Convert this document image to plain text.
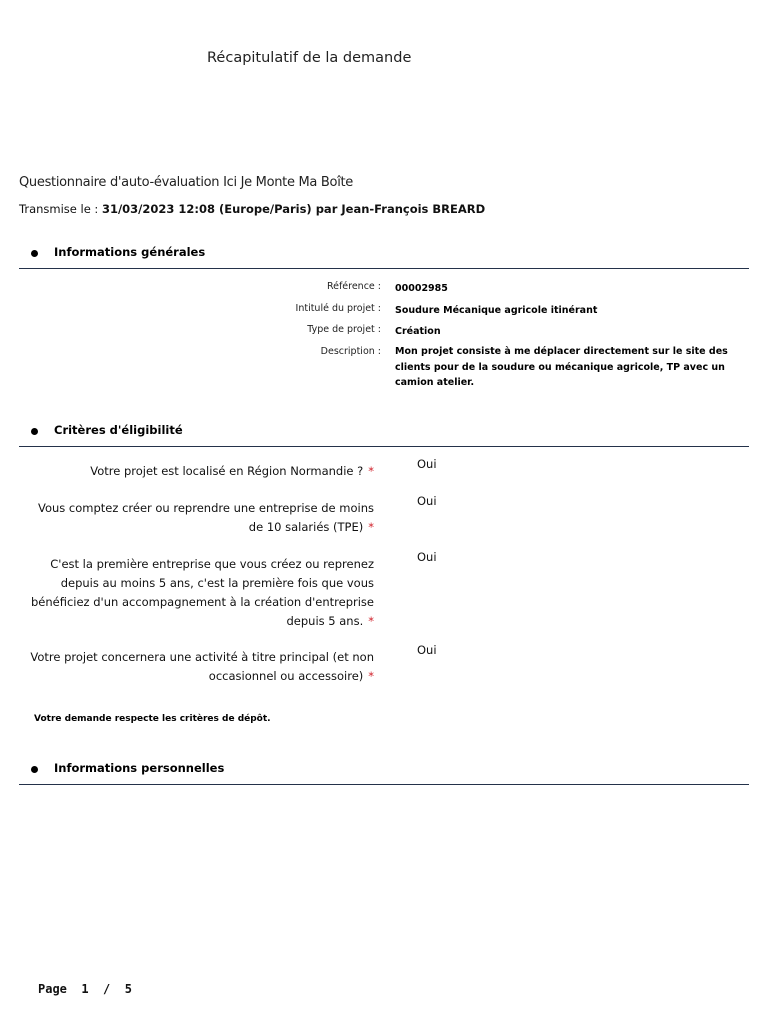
Récapitulatif de la demande
Questionnaire d'auto-évaluation Ici Je Monte Ma Boîte
Transmise le : 31/03/2023 12:08 (Europe/Paris) par Jean-François BREARD
Informations générales
Référence : 00002985
Intitulé du projet : Soudure Mécanique agricole itinérant
Type de projet : Création
Description : Mon projet consiste à me déplacer directement sur le site des clients pour de la soudure ou mécanique agricole, TP avec un camion atelier.
Critères d'éligibilité
Votre projet est localisé en Région Normandie ? *	Oui
Vous comptez créer ou reprendre une entreprise de moins de 10 salariés (TPE) *
Oui
C'est la première entreprise que vous créez ou reprenez depuis au moins 5 ans, c'est la première fois que vous bénéficiez d'un accompagnement à la création d'entreprise depuis 5 ans. *
Oui
Votre projet concernera une activité à titre principal (et non occasionnel ou accessoire) *
Oui
Votre demande respecte les critères de dépôt.
Informations personnelles
Page 1 / 5
